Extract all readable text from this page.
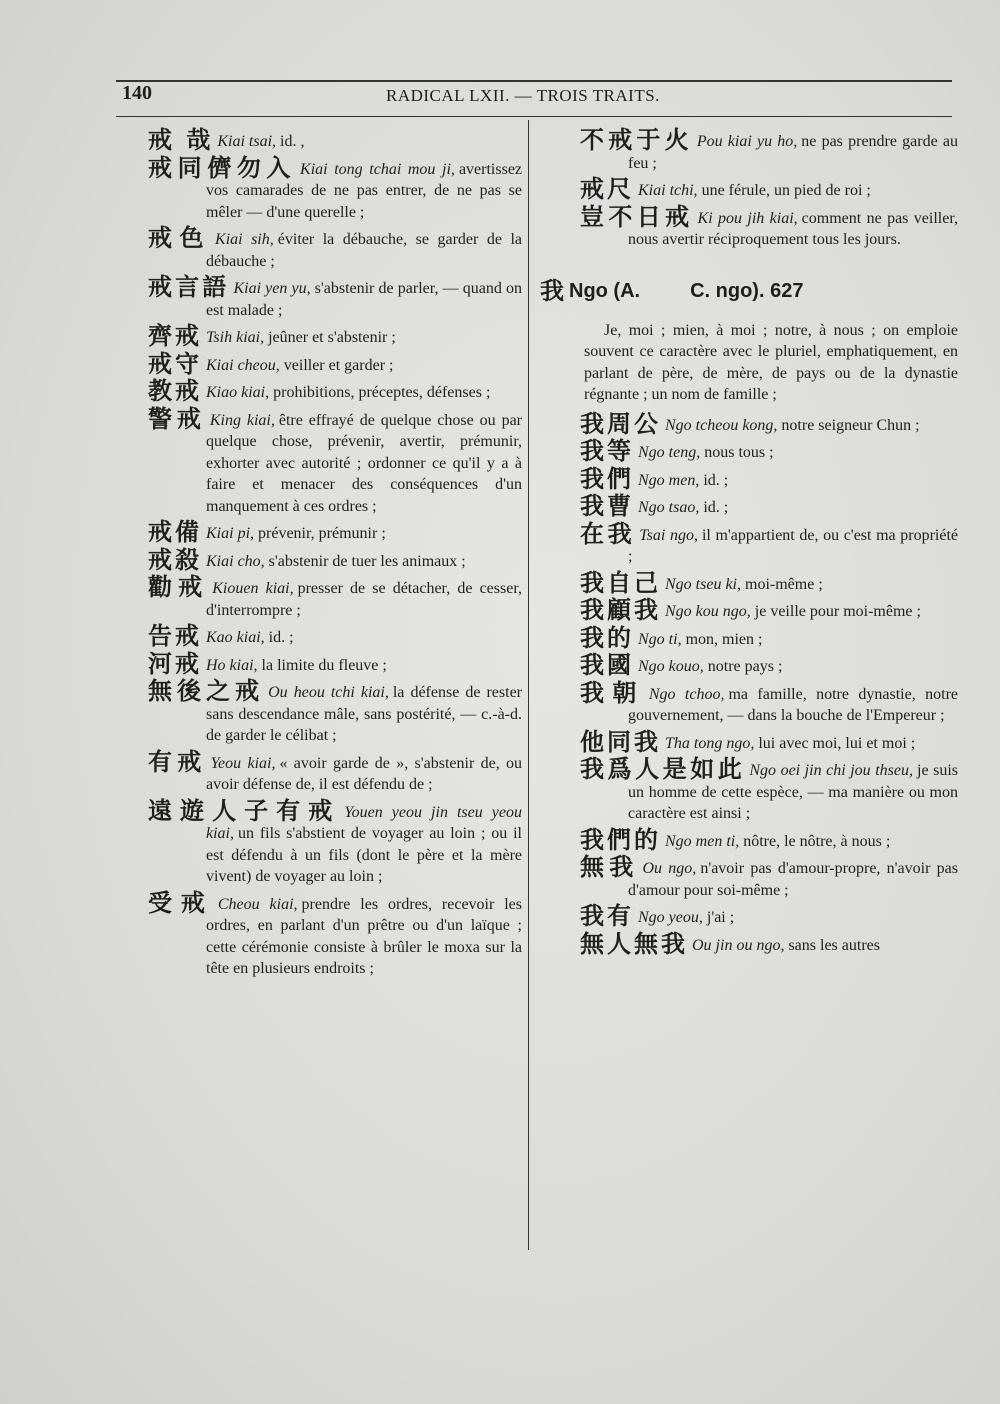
140	RADICAL LXII. — TROIS TRAITS.
戒 哉 Kiai tsai, id. ,
戒同儕勿入 Kiai tong tchai mou ji, avertissez vos camarades de ne pas entrer, de ne pas se mêler — d'une querelle ;
戒色 Kiai sih, éviter la débauche, se garder de la débauche ;
戒言語 Kiai yen yu, s'abstenir de parler, — quand on est malade ;
齊戒 Tsih kiai, jeûner et s'abstenir ;
戒守 Kiai cheou, veiller et garder ;
教戒 Kiao kiai, prohibitions, préceptes, défenses ;
警戒 King kiai, être effrayé de quelque chose ou par quelque chose, prévenir, avertir, prémunir, exhorter avec autorité ; ordonner ce qu'il y a à faire et menacer des conséquences d'un manquement à ces ordres ;
戒備 Kiai pi, prévenir, prémunir ;
戒殺 Kiai cho, s'abstenir de tuer les animaux ;
勸戒 Kiouen kiai, presser de se détacher, de cesser, d'interrompre ;
告戒 Kao kiai, id. ;
河戒 Ho kiai, la limite du fleuve ;
無後之戒 Ou heou tchi kiai, la défense de rester sans descendance mâle, sans postérité, — c.-à-d. de garder le célibat ;
有戒 Yeou kiai, « avoir garde de », s'abstenir de, ou avoir défense de, il est défendu de ;
遠遊人子有戒 Youen yeou jin tseu yeou kiai, un fils s'abstient de voyager au loin ; ou il est défendu à un fils (dont le père et la mère vivent) de voyager au loin ;
受戒 Cheou kiai, prendre les ordres, recevoir les ordres, en parlant d'un prêtre ou d'un laïque ; cette cérémonie consiste à brûler le moxa sur la tête en plusieurs endroits ;
不戒于火 Pou kiai yu ho, ne pas prendre garde au feu ;
戒尺 Kiai tchi, une férule, un pied de roi ;
豈不日戒 Ki pou jih kiai, comment ne pas veiller, nous avertir réciproquement tous les jours.
我 Ngo (A.	C. ngo). 627
Je, moi ; mien, à moi ; notre, à nous ; on emploie souvent ce caractère avec le pluriel, emphatiquement, en parlant de père, de mère, de pays ou de la dynastie régnante ; un nom de famille ;
我周公 Ngo tcheou kong, notre seigneur Chun ;
我等 Ngo teng, nous tous ;
我們 Ngo men, id. ;
我曹 Ngo tsao, id. ;
在我 Tsai ngo, il m'appartient de, ou c'est ma propriété ;
我自己 Ngo tseu ki, moi-même ;
我顧我 Ngo kou ngo, je veille pour moi-même ;
我的 Ngo ti, mon, mien ;
我國 Ngo kouo, notre pays ;
我朝 Ngo tchoo, ma famille, notre dynastie, notre gouvernement, — dans la bouche de l'Empereur ;
他同我 Tha tong ngo, lui avec moi, lui et moi ;
我爲人是如此 Ngo oei jin chi jou thseu, je suis un homme de cette espèce, — ma manière ou mon caractère est ainsi ;
我們的 Ngo men ti, nôtre, le nôtre, à nous ;
無我 Ou ngo, n'avoir pas d'amour-propre, n'avoir pas d'amour pour soi-même ;
我有 Ngo yeou, j'ai ;
無人無我 Ou jin ou ngo, sans les autres
